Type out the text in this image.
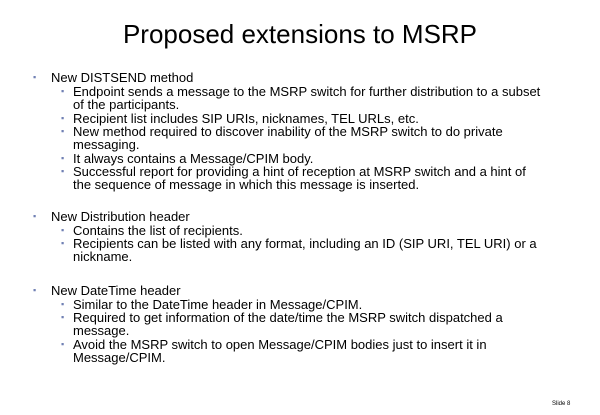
Proposed extensions to MSRP
▪ New DISTSEND method
▪ Endpoint sends a message to the MSRP switch for further distribution to a subset of the participants.
▪ Recipient list includes SIP URIs, nicknames, TEL URLs, etc.
▪ New method required to discover inability of the MSRP switch to do private messaging.
▪ It always contains a Message/CPIM body.
▪ Successful report for providing a hint of reception at MSRP switch and a hint of the sequence of message in which this message is inserted.
▪ New Distribution header
▪ Contains the list of recipients.
▪ Recipients can be listed with any format, including an ID (SIP URI, TEL URI) or a nickname.
▪ New DateTime header
▪ Similar to the DateTime header in Message/CPIM.
▪ Required to get information of the date/time the MSRP switch dispatched a message.
▪ Avoid the MSRP switch to open Message/CPIM bodies just to insert it in Message/CPIM.
Slide 8
